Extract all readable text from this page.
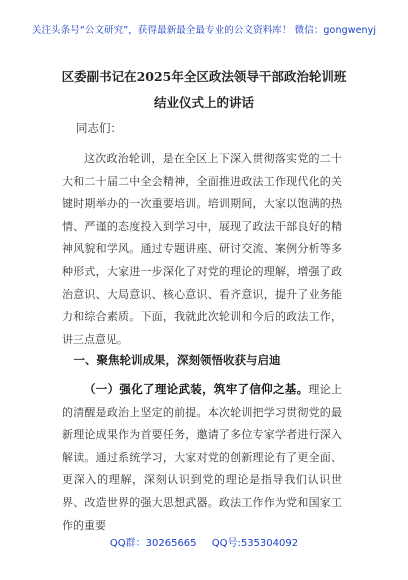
关注头条号“公文研究”，获得最新最全最专业的公文资料库！ 微信：gongwenyj
区委副书记在2025年全区政法领导干部政治轮训班结业仪式上的讲话
同志们：
这次政治轮训，是在全区上下深入贯彻落实党的二十大和二十届二中全会精神，全面推进政法工作现代化的关键时期举办的一次重要培训。培训期间，大家以饱满的热情、严谨的态度投入到学习中，展现了政法干部良好的精神风貌和学风。通过专题讲座、研讨交流、案例分析等多种形式，大家进一步深化了对党的理论的理解，增强了政治意识、大局意识、核心意识、看齐意识，提升了业务能力和综合素质。下面，我就此次轮训和今后的政法工作，讲三点意见。
一、聚焦轮训成果，深刻领悟收获与启迪
（一）强化了理论武装，筑牢了信仰之基。理论上的清醒是政治上坚定的前提。本次轮训把学习贯彻党的最新理论成果作为首要任务，邀请了多位专家学者进行深入解读。通过系统学习，大家对党的创新理论有了更全面、更深入的理解，深刻认识到党的理论是指导我们认识世界、改造世界的强大思想武器。政法工作作为党和国家工作的重要
QQ群：30265665 QQ号:535304092
